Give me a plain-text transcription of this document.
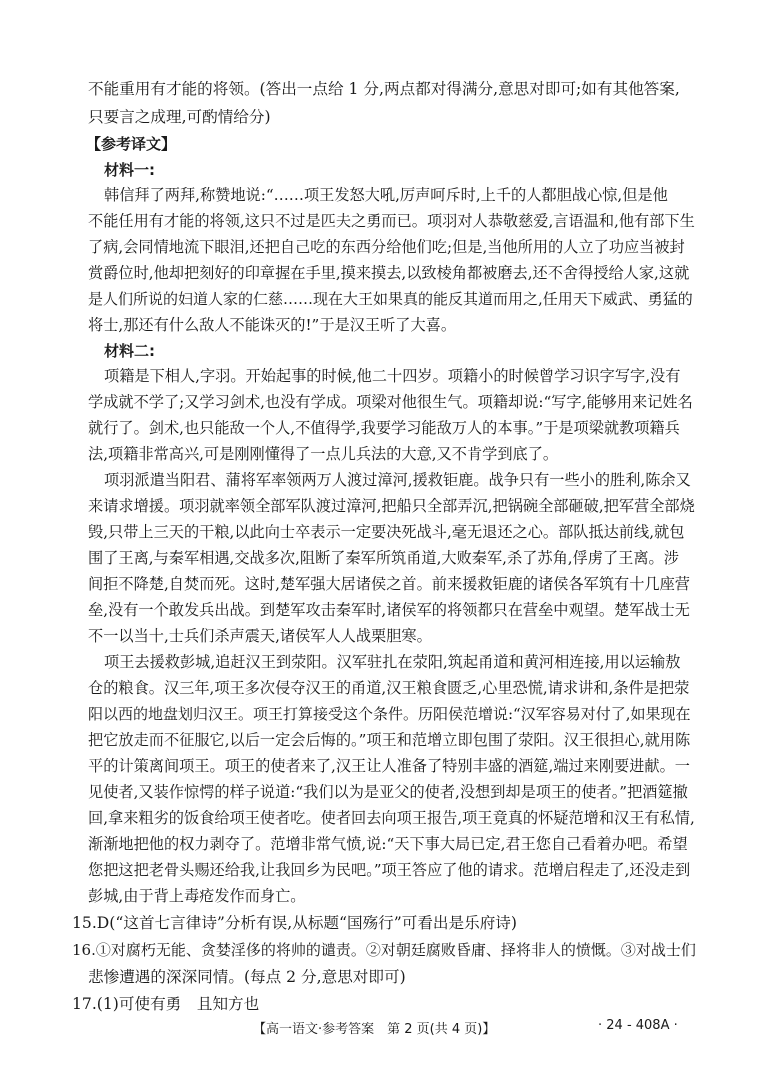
不能重用有才能的将领。(答出一点给 1 分,两点都对得满分,意思对即可;如有其他答案,
只要言之成理,可酌情给分)
【参考译文】
材料一:
韩信拜了两拜,称赞地说:“……项王发怒大吼,厉声呵斥时,上千的人都胆战心惊,但是他
不能任用有才能的将领,这只不过是匹夫之勇而已。项羽对人恭敬慈爱,言语温和,他有部下生
了病,会同情地流下眼泪,还把自己吃的东西分给他们吃;但是,当他所用的人立了功应当被封
赏爵位时,他却把刻好的印章握在手里,摸来摸去,以致棱角都被磨去,还不舍得授给人家,这就
是人们所说的妇道人家的仁慈……现在大王如果真的能反其道而用之,任用天下威武、勇猛的
将士,那还有什么敌人不能诛灭的!”于是汉王听了大喜。
材料二:
项籍是下相人,字羽。开始起事的时候,他二十四岁。项籍小的时候曾学习识字写字,没有
学成就不学了;又学习剑术,也没有学成。项梁对他很生气。项籍却说:“写字,能够用来记姓名
就行了。剑术,也只能敌一个人,不值得学,我要学习能敌万人的本事。”于是项梁就教项籍兵
法,项籍非常高兴,可是刚刚懂得了一点儿兵法的大意,又不肯学到底了。
项羽派遣当阳君、蒲将军率领两万人渡过漳河,援救钜鹿。战争只有一些小的胜利,陈余又
来请求增援。项羽就率领全部军队渡过漳河,把船只全部弄沉,把锅碗全部砸破,把军营全部烧
毁,只带上三天的干粮,以此向士卒表示一定要决死战斗,毫无退还之心。部队抵达前线,就包
围了王离,与秦军相遇,交战多次,阻断了秦军所筑甬道,大败秦军,杀了苏角,俘虏了王离。涉
间拒不降楚,自焚而死。这时,楚军强大居诸侯之首。前来援救钜鹿的诸侯各军筑有十几座营
垒,没有一个敢发兵出战。到楚军攻击秦军时,诸侯军的将领都只在营垒中观望。楚军战士无
不一以当十,士兵们杀声震天,诸侯军人人战栗胆寒。
项王去援救彭城,追赶汉王到荥阳。汉军驻扎在荥阳,筑起甬道和黄河相连接,用以运输敖
仓的粮食。汉三年,项王多次侵夺汉王的甬道,汉王粮食匮乏,心里恐慌,请求讲和,条件是把荥
阳以西的地盘划归汉王。项王打算接受这个条件。历阳侯范增说:“汉军容易对付了,如果现在
把它放走而不征服它,以后一定会后悔的。”项王和范增立即包围了荥阳。汉王很担心,就用陈
平的计策离间项王。项王的使者来了,汉王让人准备了特别丰盛的酒筵,端过来刚要进献。一
见使者,又装作惊愕的样子说道:“我们以为是亚父的使者,没想到却是项王的使者。”把酒筵撤
回,拿来粗劣的饭食给项王使者吃。使者回去向项王报告,项王竟真的怀疑范增和汉王有私情,
渐渐地把他的权力剥夺了。范增非常气愤,说:“天下事大局已定,君王您自己看着办吧。希望
您把这把老骨头赐还给我,让我回乡为民吧。”项王答应了他的请求。范增启程走了,还没走到
彭城,由于背上毒疮发作而身亡。
15.D(“这首七言律诗”分析有误,从标题“国殇行”可看出是乐府诗)
16.①对腐朽无能、贪婪淫侈的将帅的谴责。②对朝廷腐败昏庸、择将非人的愤慨。③对战士们
悲惨遭遇的深深同情。(每点 2 分,意思对即可)
17.(1)可使有勇　且知方也
【高一语文·参考答案　第 2 页(共 4 页)】	· 24 - 408A ·
